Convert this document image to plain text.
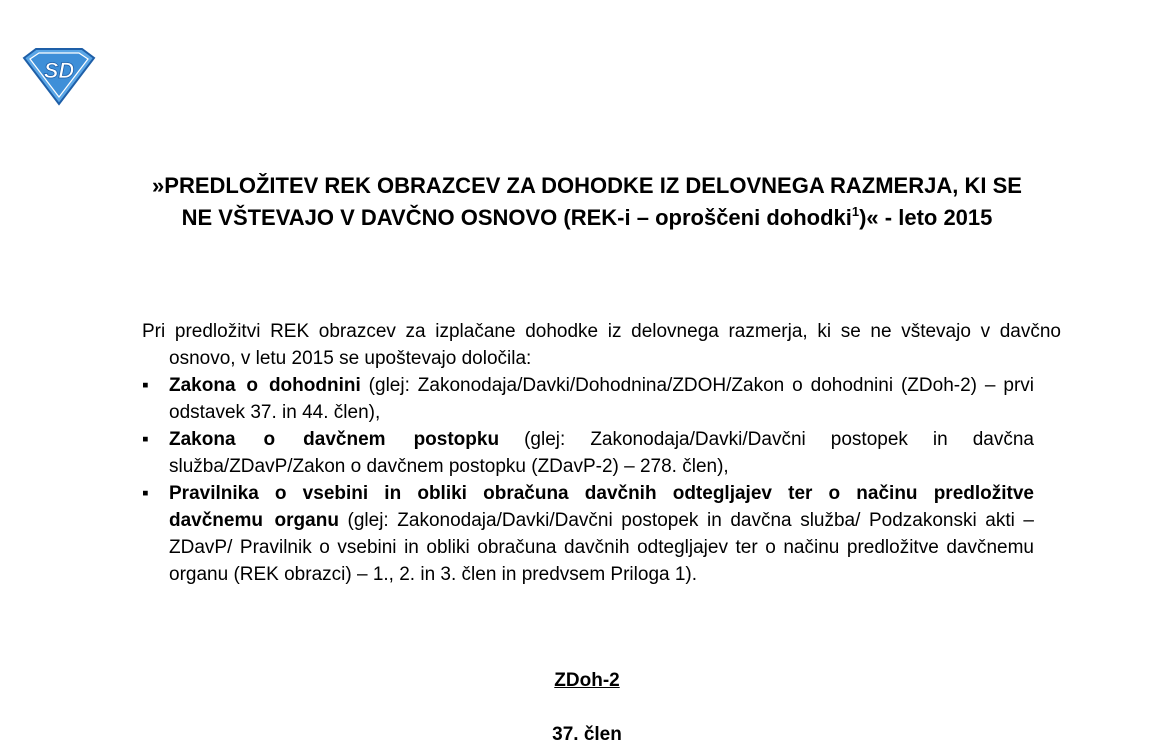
SD
»PREDLOŽITEV REK OBRAZCEV ZA DOHODKE IZ DELOVNEGA RAZMERJA, KI SE NE VŠTEVAJO V DAVČNO OSNOVO (REK-i – oproščeni dohodki$^1$)« - leto 2015

Pri predložitvi REK obrazcev za izplačane dohodke iz delovnega razmerja, ki se ne vštevajo v davčno osnovo, v letu 2015 se upoštevajo določila:

▪	Zakona o dohodnini (glej: Zakonodaja/Davki/Dohodnina/ZDOH/Zakon o dohodnini (ZDoh-2) – prvi odstavek 37. in 44. člen),
▪	Zakona o davčnem postopku (glej: Zakonodaja/Davki/Davčni postopek in davčna služba/ZDavP/Zakon o davčnem postopku (ZDavP-2) – 278. člen),
▪	Pravilnika o vsebini in obliki obračuna davčnih odtegljajev ter o načinu predložitve davčnemu organu (glej: Zakonodaja/Davki/Davčni postopek in davčna služba/ Podzakonski akti – ZDavP/ Pravilnik o vsebini in obliki obračuna davčnih odtegljajev ter o načinu predložitve davčnemu organu (REK obrazci) – 1., 2. in 3. člen in predvsem Priloga 1).

ZDoh-2

37. člen
